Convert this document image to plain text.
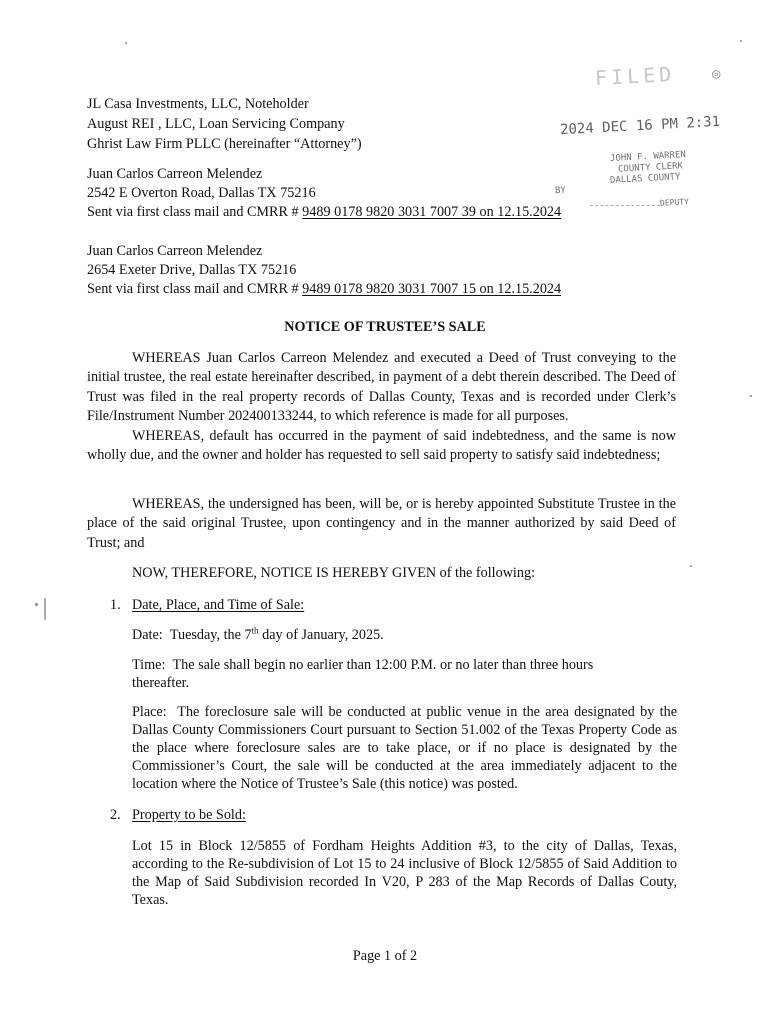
JL Casa Investments, LLC, Noteholder
August REI , LLC, Loan Servicing Company
Ghrist Law Firm PLLC (hereinafter “Attorney”)
Juan Carlos Carreon Melendez
2542 E Overton Road, Dallas TX 75216
Sent via first class mail and CMRR # 9489 0178 9820 3031 7007 39 on 12.15.2024
Juan Carlos Carreon Melendez
2654 Exeter Drive, Dallas TX 75216
Sent via first class mail and CMRR # 9489 0178 9820 3031 7007 15 on 12.15.2024
FILED	◎
2024 DEC 16 PM 2:31
JOHN F. WARREN
COUNTY CLERK
DALLAS COUNTY
BY
DEPUTY
NOTICE OF TRUSTEE’S SALE
WHEREAS Juan Carlos Carreon Melendez and executed a Deed of Trust conveying to the initial trustee, the real estate hereinafter described, in payment of a debt therein described. The Deed of Trust was filed in the real property records of Dallas County, Texas and is recorded under Clerk’s File/Instrument Number 202400133244, to which reference is made for all purposes.
WHEREAS, default has occurred in the payment of said indebtedness, and the same is now wholly due, and the owner and holder has requested to sell said property to satisfy said indebtedness;
WHEREAS, the undersigned has been, will be, or is hereby appointed Substitute Trustee in the place of the said original Trustee, upon contingency and in the manner authorized by said Deed of Trust; and
NOW, THEREFORE, NOTICE IS HEREBY GIVEN of the following:
1. Date, Place, and Time of Sale:
Date: Tuesday, the 7th day of January, 2025.
Time: The sale shall begin no earlier than 12:00 P.M. or no later than three hours thereafter.
Place: The foreclosure sale will be conducted at public venue in the area designated by the Dallas County Commissioners Court pursuant to Section 51.002 of the Texas Property Code as the place where foreclosure sales are to take place, or if no place is designated by the Commissioner’s Court, the sale will be conducted at the area immediately adjacent to the location where the Notice of Trustee’s Sale (this notice) was posted.
2. Property to be Sold:
Lot 15 in Block 12/5855 of Fordham Heights Addition #3, to the city of Dallas, Texas, according to the Re-subdivision of Lot 15 to 24 inclusive of Block 12/5855 of Said Addition to the Map of Said Subdivision recorded In V20, P 283 of the Map Records of Dallas Couty, Texas.
Page 1 of 2
